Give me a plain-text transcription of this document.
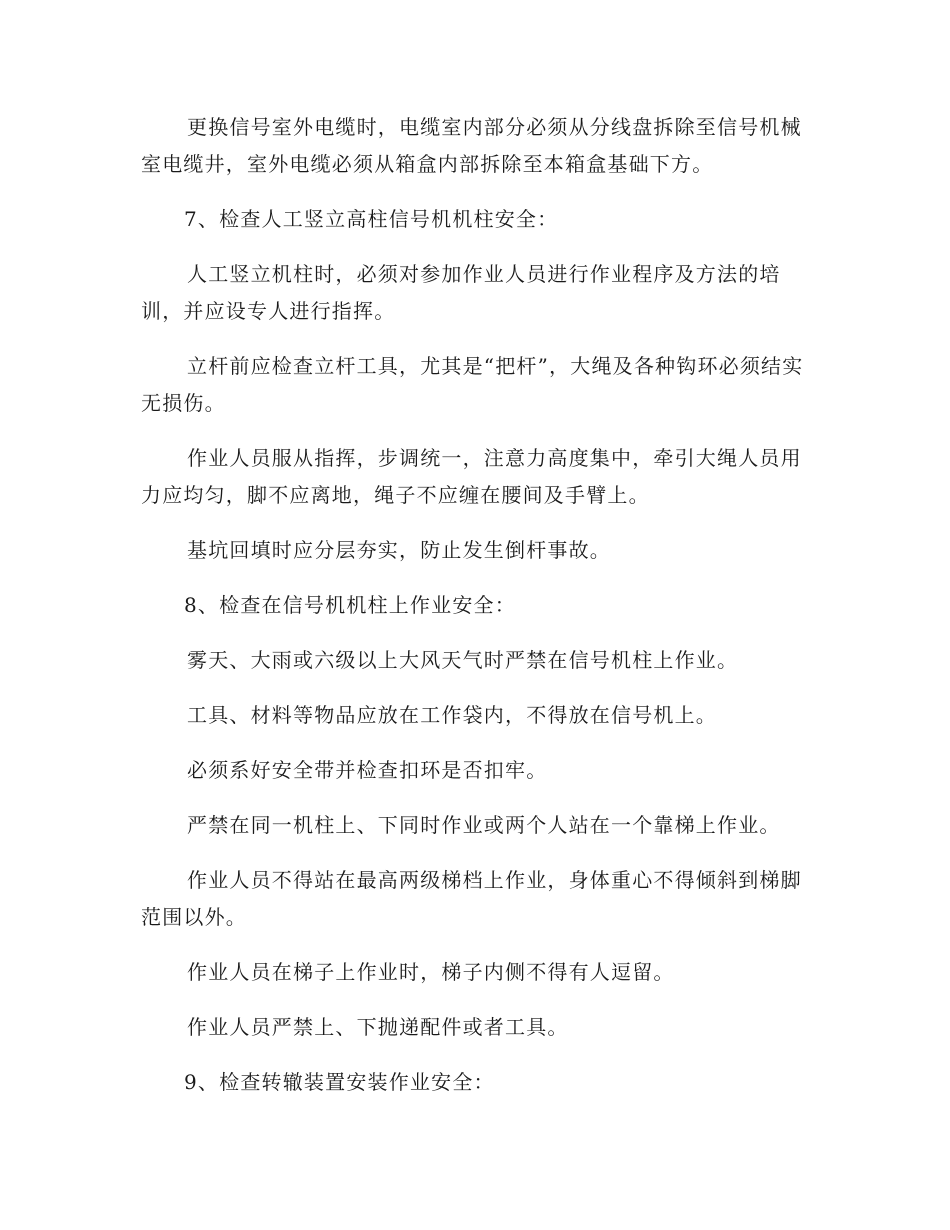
更换信号室外电缆时，电缆室内部分必须从分线盘拆除至信号机械室电缆井，室外电缆必须从箱盒内部拆除至本箱盒基础下方。

7、检查人工竖立高柱信号机机柱安全：

人工竖立机柱时，必须对参加作业人员进行作业程序及方法的培训，并应设专人进行指挥。

立杆前应检查立杆工具，尤其是“把杆”，大绳及各种钩环必须结实无损伤。

作业人员服从指挥，步调统一，注意力高度集中，牵引大绳人员用力应均匀，脚不应离地，绳子不应缠在腰间及手臂上。

基坑回填时应分层夯实，防止发生倒杆事故。

8、检查在信号机机柱上作业安全：

雾天、大雨或六级以上大风天气时严禁在信号机柱上作业。

工具、材料等物品应放在工作袋内，不得放在信号机上。

必须系好安全带并检查扣环是否扣牢。

严禁在同一机柱上、下同时作业或两个人站在一个靠梯上作业。

作业人员不得站在最高两级梯档上作业，身体重心不得倾斜到梯脚范围以外。

作业人员在梯子上作业时，梯子内侧不得有人逗留。

作业人员严禁上、下抛递配件或者工具。

9、检查转辙装置安装作业安全：
